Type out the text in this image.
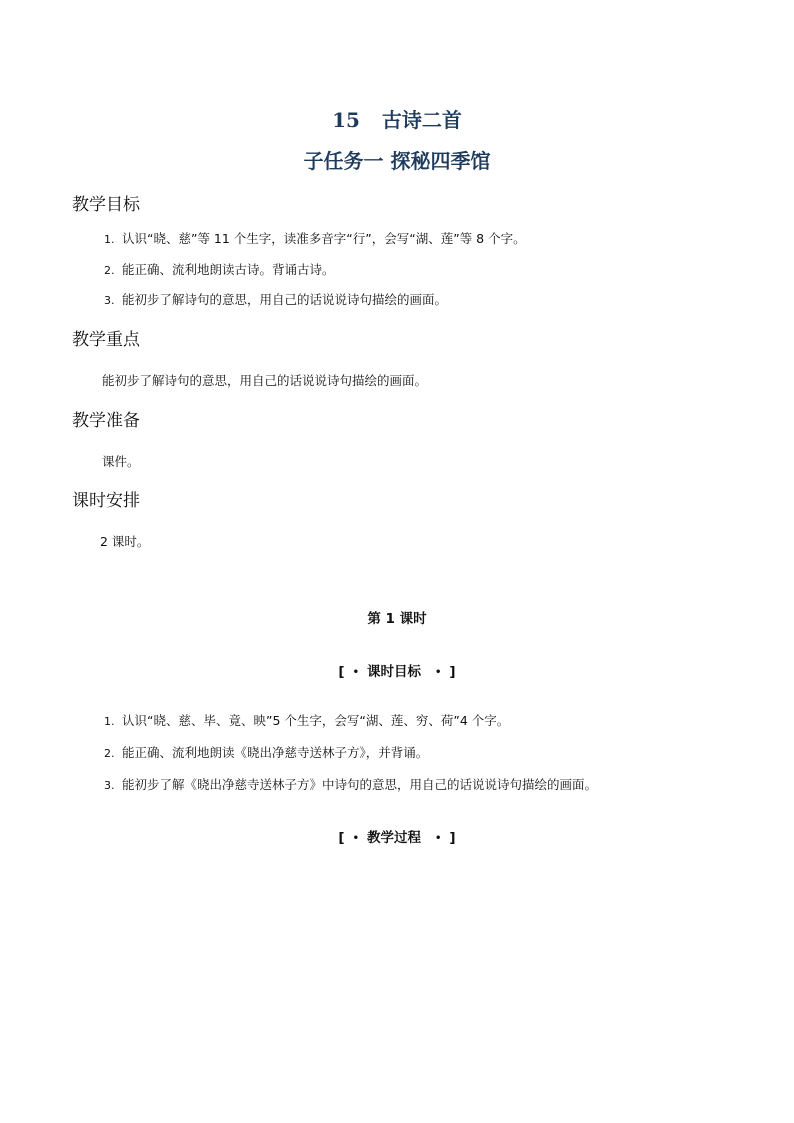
15 古诗二首
子任务一 探秘四季馆
教学目标
1. 认识“晓、慈”等 11 个生字，读准多音字“行”，会写“湖、莲”等 8 个字。
2. 能正确、流利地朗读古诗。背诵古诗。
3. 能初步了解诗句的意思，用自己的话说说诗句描绘的画面。
教学重点
能初步了解诗句的意思，用自己的话说说诗句描绘的画面。
教学准备
课件。
课时安排
2 课时。
第 1 课时
[ • 课时目标 • ]
1. 认识“晓、慈、毕、竟、映”5 个生字，会写“湖、莲、穷、荷”4 个字。
2. 能正确、流利地朗读《晓出净慈寺送林子方》，并背诵。
3. 能初步了解《晓出净慈寺送林子方》中诗句的意思，用自己的话说说诗句描绘的画面。
[ • 教学过程 • ]
